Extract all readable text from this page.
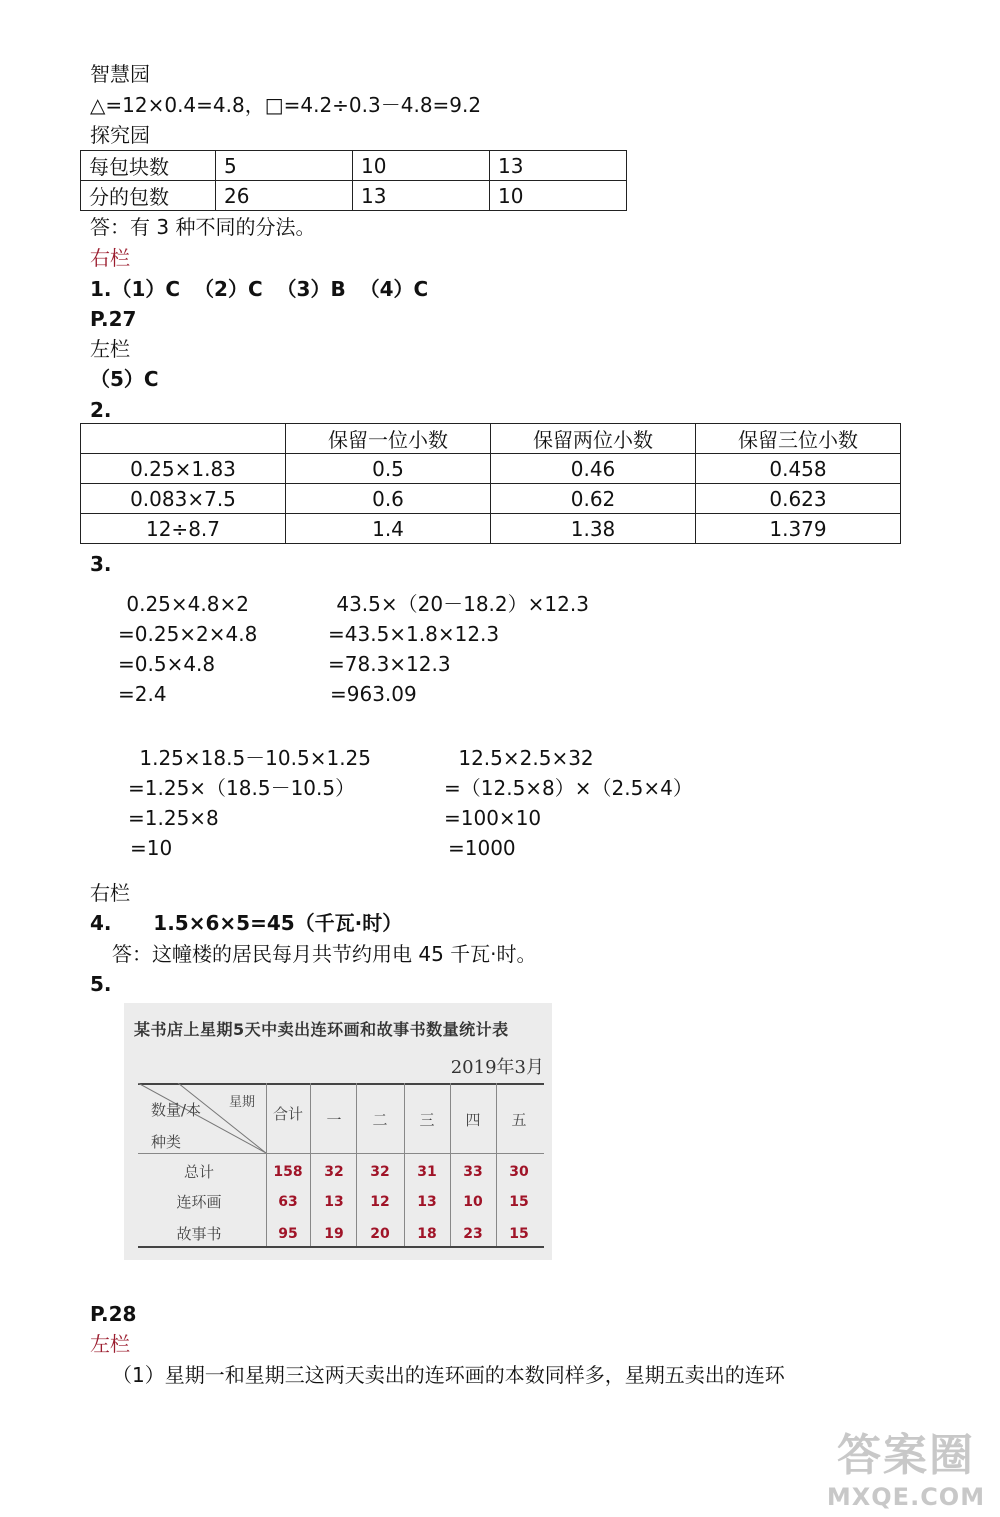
智慧园
△=12×0.4=4.8，□=4.2÷0.3－4.8=9.2
探究园
每包块数	5	10	13
分的包数	26	13	10
答：有 3 种不同的分法。
右栏
1.（1）C  （2）C  （3）B  （4）C
P.27
左栏
（5）C
2.
	保留一位小数	保留两位小数	保留三位小数
0.25×1.83	0.5	0.46	0.458
0.083×7.5	0.6	0.62	0.623
12÷8.7	1.4	1.38	1.379
3.
0.25×4.8×2
=0.25×2×4.8
=0.5×4.8
=2.4
43.5×（20－18.2）×12.3
=43.5×1.8×12.3
=78.3×12.3
=963.09
1.25×18.5－10.5×1.25
=1.25×（18.5－10.5）
=1.25×8
=10
12.5×2.5×32
=（12.5×8）×（2.5×4）
=100×10
=1000
右栏
4.      1.5×6×5=45（千瓦·时）
答：这幢楼的居民每月共节约用电 45 千瓦·时。
5.
某书店上星期5天中卖出连环画和故事书数量统计表
2019年3月
数量/本	星期
种类
合计	一	二	三	四	五
总计	158	32	32	31	33	30
连环画	63	13	12	13	10	15
故事书	95	19	20	18	23	15
P.28
左栏
（1）星期一和星期三这两天卖出的连环画的本数同样多，星期五卖出的连环
答案圈
MXQE.COM
